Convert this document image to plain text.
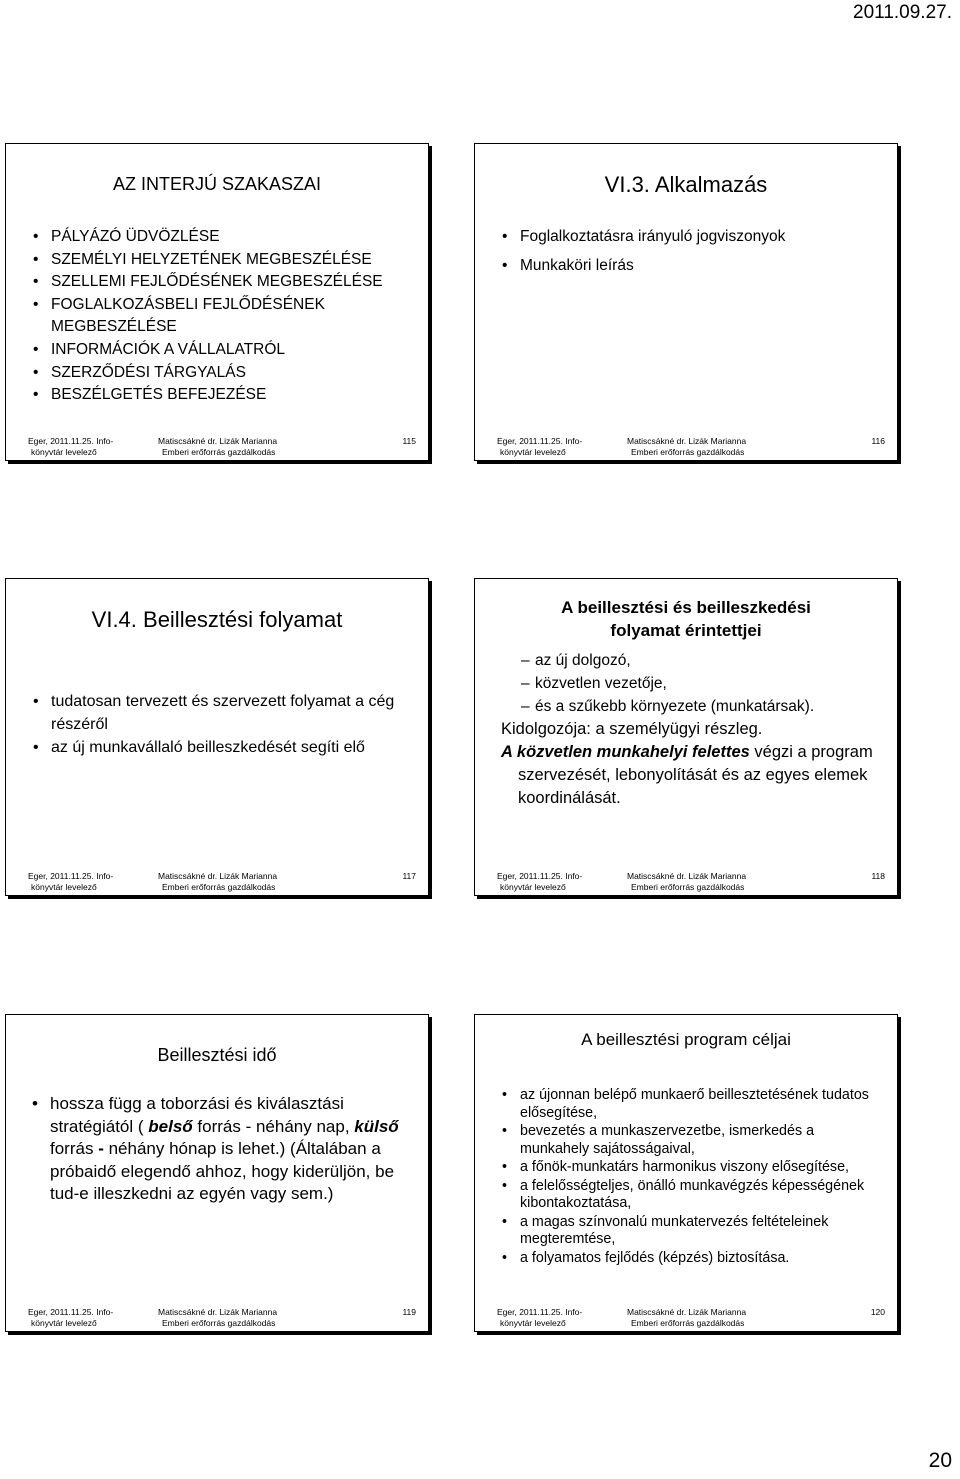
2011.09.27.
AZ INTERJÚ SZAKASZAI
• PÁLYÁZÓ ÜDVÖZLÉSE
• SZEMÉLYI HELYZETÉNEK MEGBESZÉLÉSE
• SZELLEMI FEJLŐDÉSÉNEK MEGBESZÉLÉSE
• FOGLALKOZÁSBELI FEJLŐDÉSÉNEK MEGBESZÉLÉSE
• INFORMÁCIÓK A VÁLLALATRÓL
• SZERZŐDÉSI TÁRGYALÁS
• BESZÉLGETÉS BEFEJEZÉSE
Eger, 2011.11.25. Info-
könyvtár levelező
Matiscsákné dr. Lizák Marianna
Emberi erőforrás gazdálkodás
115
VI.3. Alkalmazás
• Foglalkoztatásra irányuló jogviszonyok
• Munkaköri leírás
Eger, 2011.11.25. Info-
könyvtár levelező
Matiscsákné dr. Lizák Marianna
Emberi erőforrás gazdálkodás
116
VI.4. Beillesztési folyamat
• tudatosan tervezett és szervezett folyamat a cég részéről
• az új munkavállaló beilleszkedését segíti elő
Eger, 2011.11.25. Info-
könyvtár levelező
Matiscsákné dr. Lizák Marianna
Emberi erőforrás gazdálkodás
117
A beillesztési és beilleszkedési folyamat érintettjei
– az új dolgozó,
– közvetlen vezetője,
– és a szűkebb környezete (munkatársak).
Kidolgozója: a személyügyi részleg.
A közvetlen munkahelyi felettes végzi a program szervezését, lebonyolítását és az egyes elemek koordinálását.
Eger, 2011.11.25. Info-
könyvtár levelező
Matiscsákné dr. Lizák Marianna
Emberi erőforrás gazdálkodás
118
Beillesztési idő
• hossza függ a toborzási és kiválasztási stratégiától ( belső forrás - néhány nap, külső forrás - néhány hónap is lehet.) (Általában a próbaidő elegendő ahhoz, hogy kiderüljön, be tud-e illeszkedni az egyén vagy sem.)
Eger, 2011.11.25. Info-
könyvtár levelező
Matiscsákné dr. Lizák Marianna
Emberi erőforrás gazdálkodás
119
A beillesztési program céljai
• az újonnan belépő munkaerő beillesztetésének tudatos elősegítése,
• bevezetés a munkaszervezetbe, ismerkedés a munkahely sajátosságaival,
• a főnök-munkatárs harmonikus viszony elősegítése,
• a felelősségteljes, önálló munkavégzés képességének kibontakoztatása,
• a magas színvonalú munkatervezés feltételeinek megteremtése,
• a folyamatos fejlődés (képzés) biztosítása.
Eger, 2011.11.25. Info-
könyvtár levelező
Matiscsákné dr. Lizák Marianna
Emberi erőforrás gazdálkodás
120
20
